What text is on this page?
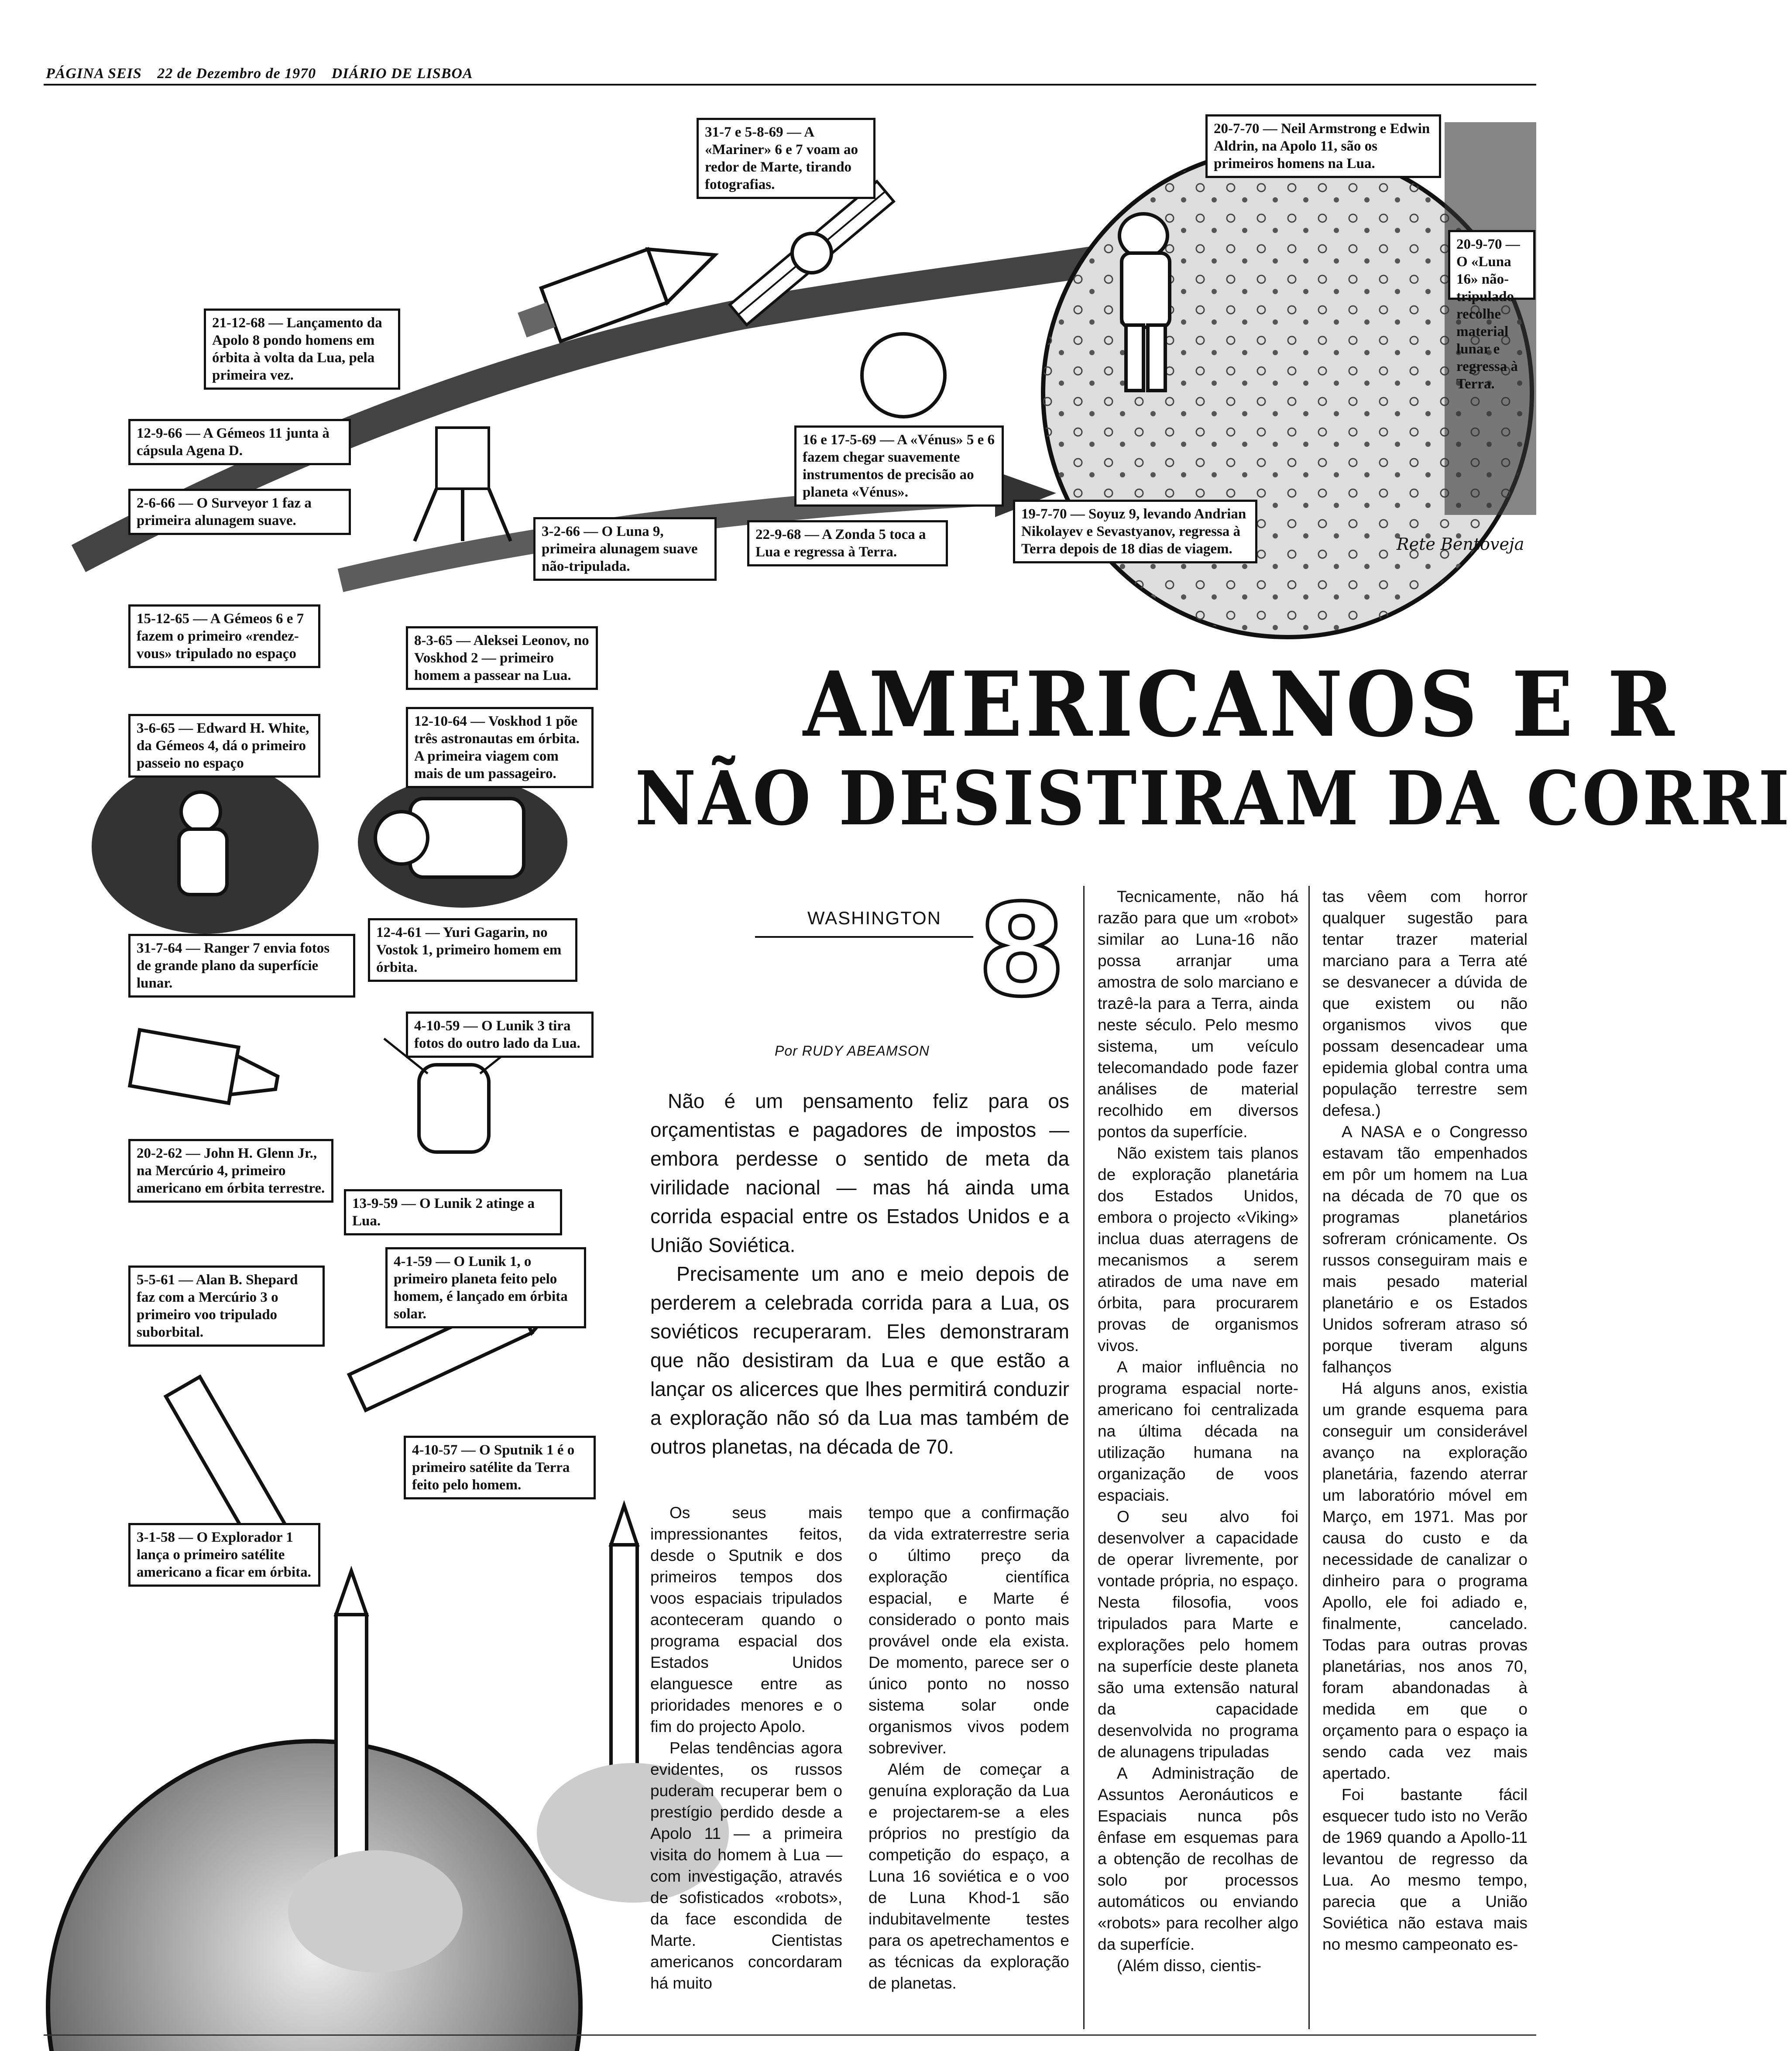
PÁGINA SEIS 22 de Dezembro de 1970 DIÁRIO DE LISBOA
31-7 e 5-8-69 — A «Mariner» 6 e 7 voam ao redor de Marte, tirando fotografias.
20-7-70 — Neil Armstrong e Edwin Aldrin, na Apolo 11, são os primeiros homens na Lua.
20-9-70 — O «Luna 16» não-tripulado recolhe material lunar e regressa à Terra.
21-12-68 — Lançamento da Apolo 8 pondo homens em órbita à volta da Lua, pela primeira vez.
12-9-66 — A Gémeos 11 junta à cápsula Agena D.
16 e 17-5-69 — A «Vénus» 5 e 6 fazem chegar suavemente instrumentos de precisão ao planeta «Vénus».
2-6-66 — O Surveyor 1 faz a primeira alunagem suave.
3-2-66 — O Luna 9, primeira alunagem suave não-tripulada.
22-9-68 — A Zonda 5 toca a Lua e regressa à Terra.
19-7-70 — Soyuz 9, levando Andrian Nikolayev e Sevastyanov, regressa à Terra depois de 18 dias de viagem.
15-12-65 — A Gémeos 6 e 7 fazem o primeiro «rendez-vous» tripulado no espaço
8-3-65 — Aleksei Leonov, no Voskhod 2 — primeiro homem a passear na Lua.
3-6-65 — Edward H. White, da Gémeos 4, dá o primeiro passeio no espaço
12-10-64 — Voskhod 1 põe três astronautas em órbita. A primeira viagem com mais de um passageiro.
12-4-61 — Yuri Gagarin, no Vostok 1, primeiro homem em órbita.
31-7-64 — Ranger 7 envia fotos de grande plano da superfície lunar.
4-10-59 — O Lunik 3 tira fotos do outro lado da Lua.
20-2-62 — John H. Glenn Jr., na Mercúrio 4, primeiro americano em órbita terrestre.
13-9-59 — O Lunik 2 atinge a Lua.
4-1-59 — O Lunik 1, o primeiro planeta feito pelo homem, é lançado em órbita solar.
5-5-61 — Alan B. Shepard faz com a Mercúrio 3 o primeiro voo tripulado suborbital.
4-10-57 — O Sputnik 1 é o primeiro satélite da Terra feito pelo homem.
3-1-58 — O Explorador 1 lança o primeiro satélite americano a ficar em órbita.
Rete Bentoveja
AMERICANOS E R
NÃO DESISTIRAM DA CORRI
WASHINGTON 8
Por RUDY ABEAMSON

Não é um pensamento feliz para os orçamentistas e pagadores de impostos — embora perdesse o sentido de meta da virilidade nacional — mas há ainda uma corrida espacial entre os Estados Unidos e a União Soviética.

Precisamente um ano e meio depois de perderem a celebrada corrida para a Lua, os soviéticos recuperaram. Eles demonstraram que não desistiram da Lua e que estão a lançar os alicerces que lhes permitirá conduzir a exploração não só da Lua mas também de outros planetas, na década de 70.

Os seus mais impressionantes feitos, desde o Sputnik e dos primeiros tempos dos voos espaciais tripulados aconteceram quando o programa espacial dos Estados Unidos elanguesce entre as prioridades menores e o fim do projecto Apolo.

Pelas tendências agora evidentes, os russos puderam recuperar bem o prestígio perdido desde a Apolo 11 — a primeira visita do homem à Lua — com investigação, através de sofisticados «robots», da face escondida de Marte. Cientistas americanos concordaram há muito

tempo que a confirmação da vida extraterrestre seria o último preço da exploração científica espacial, e Marte é considerado o ponto mais provável onde ela exista. De momento, parece ser o único ponto no nosso sistema solar onde organismos vivos podem sobreviver.

Além de começar a genuína exploração da Lua e projectarem-se a eles próprios no prestígio da competição do espaço, a Luna 16 soviética e o voo de Luna Khod-1 são indubitavelmente testes para os apetrechamentos e as técnicas da exploração de planetas.

Tecnicamente, não há razão para que um «robot» similar ao Luna-16 não possa arranjar uma amostra de solo marciano e trazê-la para a Terra, ainda neste século. Pelo mesmo sistema, um veículo telecomandado pode fazer análises de material recolhido em diversos pontos da superfície.

Não existem tais planos de exploração planetária dos Estados Unidos, embora o projecto «Viking» inclua duas aterragens de mecanismos a serem atirados de uma nave em órbita, para procurarem provas de organismos vivos.

A maior influência no programa espacial norte-americano foi centralizada na última década na utilização humana na organização de voos espaciais.

O seu alvo foi desenvolver a capacidade de operar livremente, por vontade própria, no espaço. Nesta filosofia, voos tripulados para Marte e explorações pelo homem na superfície deste planeta são uma extensão natural da capacidade desenvolvida no programa de alunagens tripuladas

A Administração de Assuntos Aeronáuticos e Espaciais nunca pôs ênfase em esquemas para a obtenção de recolhas de solo por processos automáticos ou enviando «robots» para recolher algo da superfície.

(Além disso, cientis-

tas vêem com horror qualquer sugestão para tentar trazer material marciano para a Terra até se desvanecer a dúvida de que existem ou não organismos vivos que possam desencadear uma epidemia global contra uma população terrestre sem defesa.)

A NASA e o Congresso estavam tão empenhados em pôr um homem na Lua na década de 70 que os programas planetários sofreram crónicamente. Os russos conseguiram mais e mais pesado material planetário e os Estados Unidos sofreram atraso só porque tiveram alguns falhanços

Há alguns anos, existia um grande esquema para conseguir um considerável avanço na exploração planetária, fazendo aterrar um laboratório móvel em Março, em 1971. Mas por causa do custo e da necessidade de canalizar o dinheiro para o programa Apollo, ele foi adiado e, finalmente, cancelado. Todas para outras provas planetárias, nos anos 70, foram abandonadas à medida em que o orçamento para o espaço ia sendo cada vez mais apertado.

Foi bastante fácil esquecer tudo isto no Verão de 1969 quando a Apollo-11 levantou de regresso da Lua. Ao mesmo tempo, parecia que a União Soviética não estava mais no mesmo campeonato es-
